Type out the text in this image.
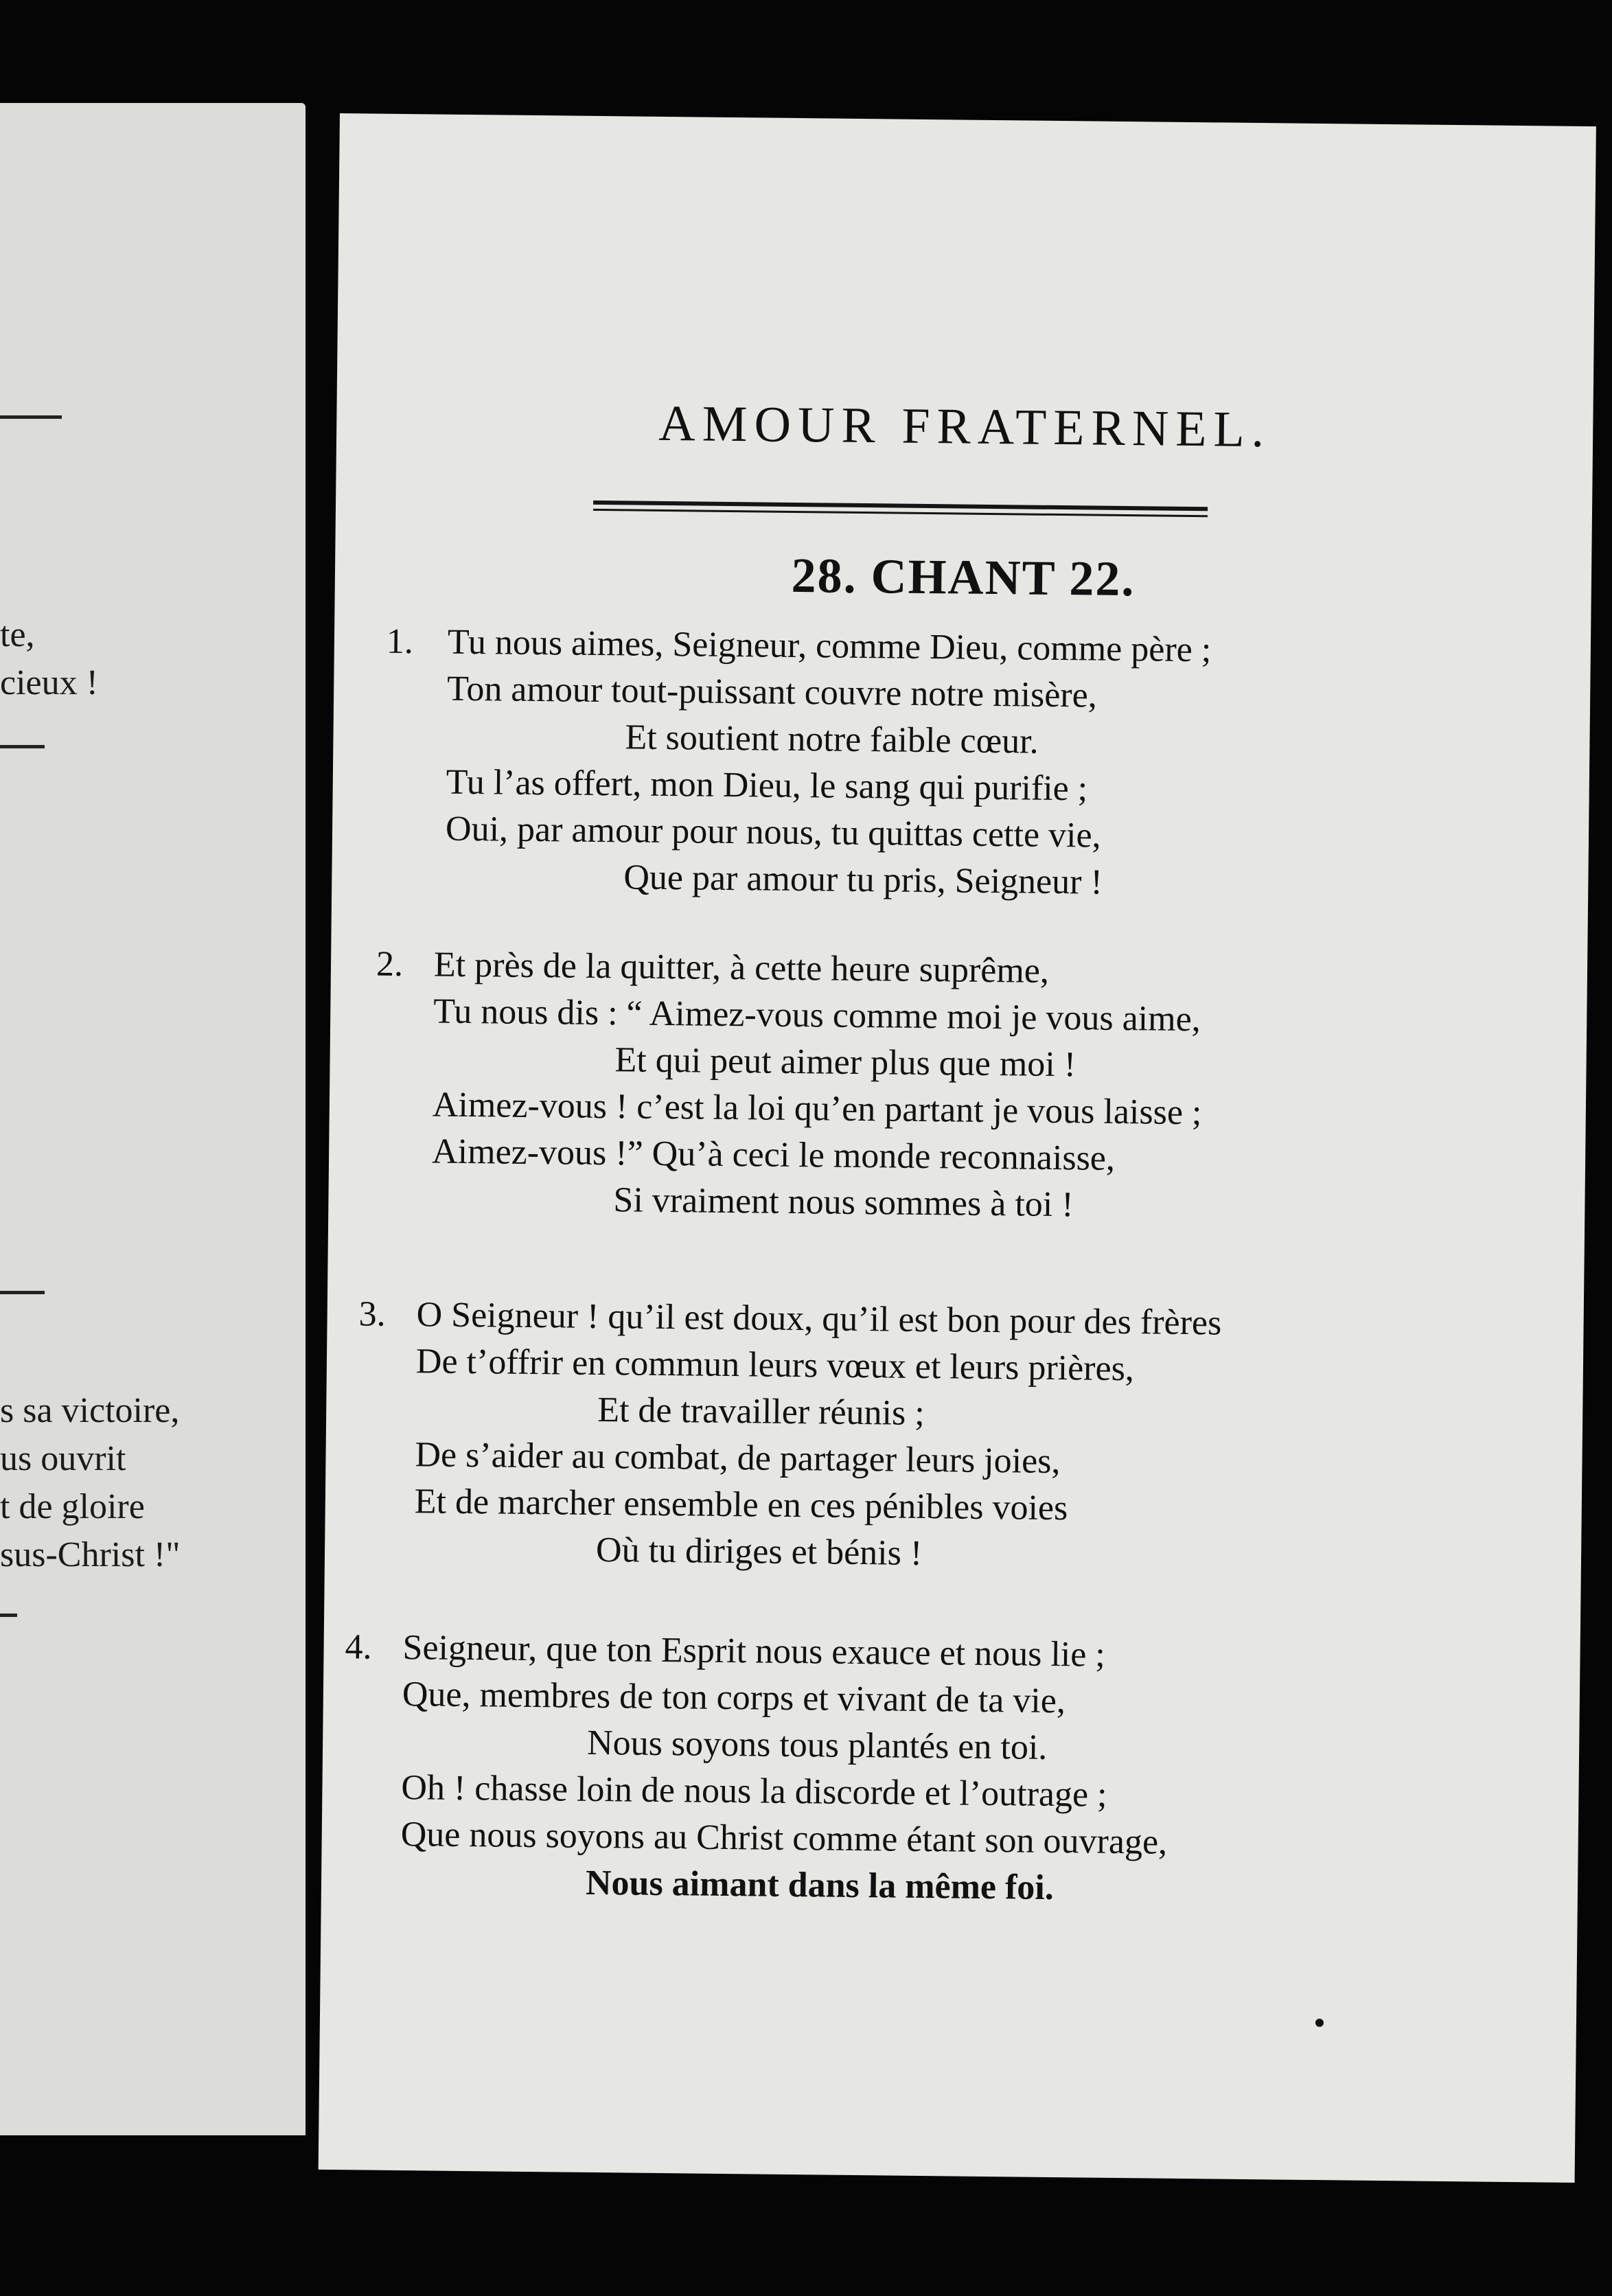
te,
cieux !
s sa victoire,
us ouvrit
t de gloire
sus-Christ !"
AMOUR FRATERNEL.
28. CHANT 22.
1. Tu nous aimes, Seigneur, comme Dieu, comme père ;
Ton amour tout-puissant couvre notre misère,
Et soutient notre faible cœur.
Tu l’as offert, mon Dieu, le sang qui purifie ;
Oui, par amour pour nous, tu quittas cette vie,
Que par amour tu pris, Seigneur !
2. Et près de la quitter, à cette heure suprême,
Tu nous dis : “ Aimez-vous comme moi je vous aime,
Et qui peut aimer plus que moi !
Aimez-vous ! c’est la loi qu’en partant je vous laisse ;
Aimez-vous !” Qu’à ceci le monde reconnaisse,
Si vraiment nous sommes à toi !
3. O Seigneur ! qu’il est doux, qu’il est bon pour des frères
De t’offrir en commun leurs vœux et leurs prières,
Et de travailler réunis ;
De s’aider au combat, de partager leurs joies,
Et de marcher ensemble en ces pénibles voies
Où tu diriges et bénis !
4. Seigneur, que ton Esprit nous exauce et nous lie ;
Que, membres de ton corps et vivant de ta vie,
Nous soyons tous plantés en toi.
Oh ! chasse loin de nous la discorde et l’outrage ;
Que nous soyons au Christ comme étant son ouvrage,
Nous aimant dans la même foi.
